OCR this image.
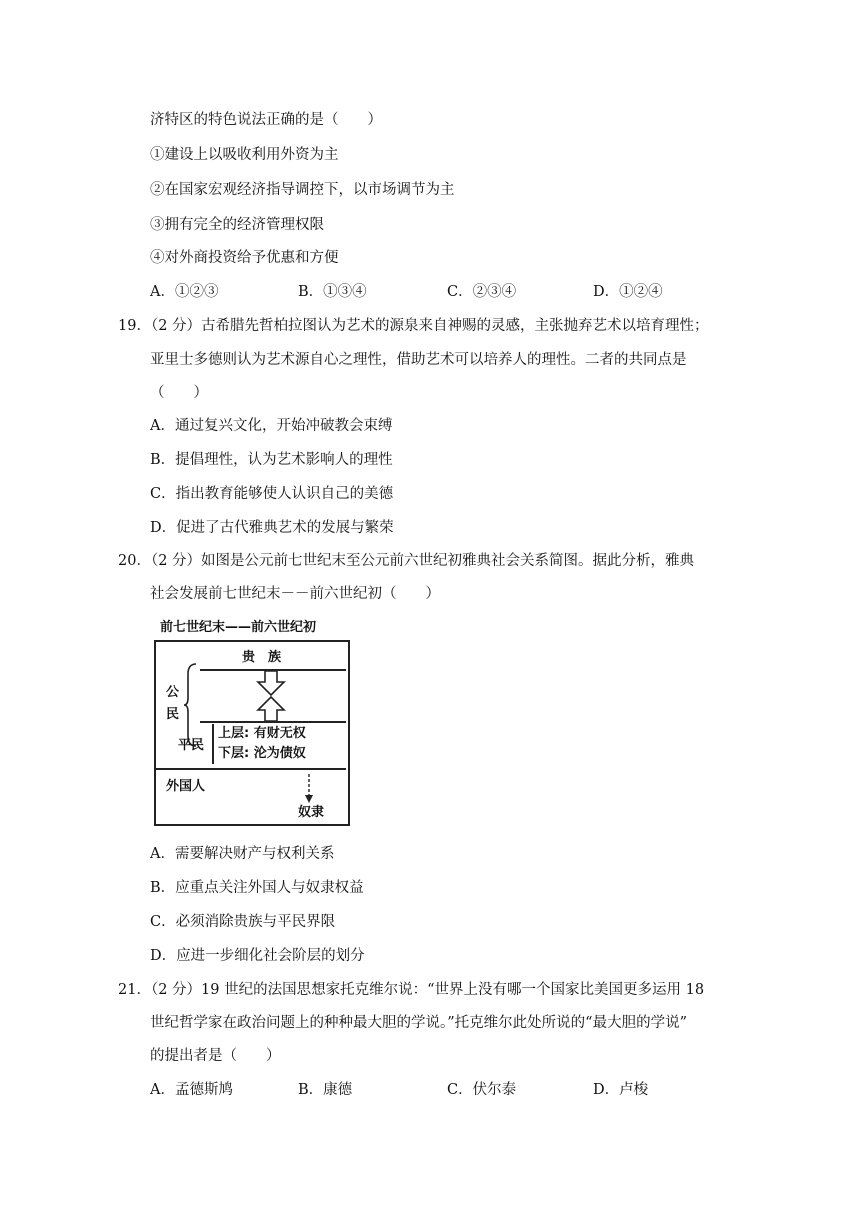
济特区的特色说法正确的是（　　）
①建设上以吸收利用外资为主
②在国家宏观经济指导调控下，以市场调节为主
③拥有完全的经济管理权限
④对外商投资给予优惠和方便
A．①②③	B．①③④	C．②③④	D．①②④
19．（2 分）古希腊先哲柏拉图认为艺术的源泉来自神赐的灵感，主张抛弃艺术以培育理性；
亚里士多德则认为艺术源自心之理性，借助艺术可以培养人的理性。二者的共同点是
（　　）
A．通过复兴文化，开始冲破教会束缚
B．提倡理性，认为艺术影响人的理性
C．指出教育能够使人认识自己的美德
D．促进了古代雅典艺术的发展与繁荣
20．（2 分）如图是公元前七世纪末至公元前六世纪初雅典社会关系简图。据此分析，雅典
社会发展前七世纪末－－前六世纪初（　　）
前七世纪末——前六世纪初
贵　族
公
民
平民
上层: 有财无权
下层: 沦为债奴
外国人
奴隶
A．需要解决财产与权利关系
B．应重点关注外国人与奴隶权益
C．必须消除贵族与平民界限
D．应进一步细化社会阶层的划分
21．（2 分）19 世纪的法国思想家托克维尔说：“世界上没有哪一个国家比美国更多运用 18
世纪哲学家在政治问题上的种种最大胆的学说。”托克维尔此处所说的“最大胆的学说”
的提出者是（　　）
A．孟德斯鸠	B．康德	C．伏尔泰	D．卢梭
